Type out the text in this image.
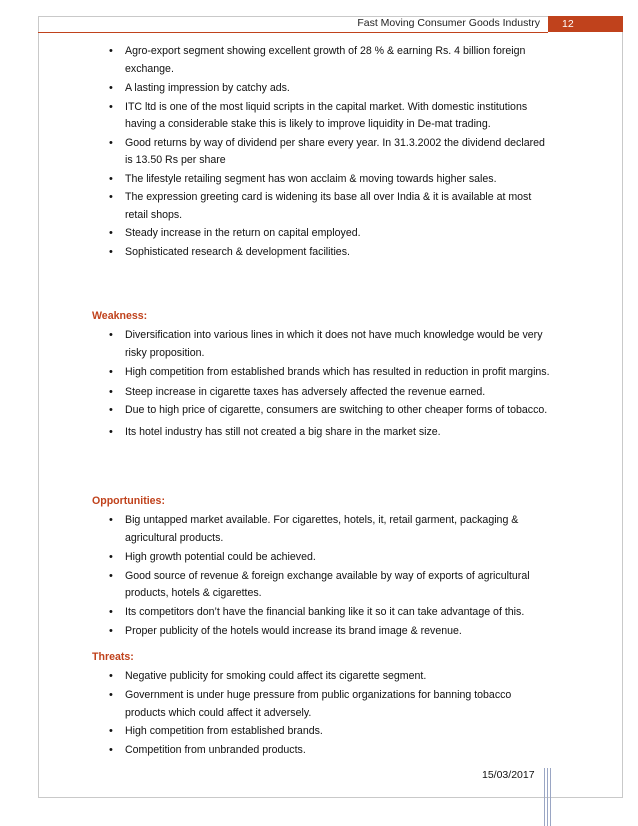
Fast Moving Consumer Goods Industry	12
• Agro-export segment showing excellent growth of 28 % & earning Rs. 4 billion foreign exchange.
• A lasting impression by catchy ads.
• ITC ltd is one of the most liquid scripts in the capital market. With domestic institutions having a considerable stake this is likely to improve liquidity in De-mat trading.
• Good returns by way of dividend per share every year. In 31.3.2002 the dividend declared is 13.50 Rs per share
• The lifestyle retailing segment has won acclaim & moving towards higher sales.
• The expression greeting card is widening its base all over India & it is available at most retail shops.
• Steady increase in the return on capital employed.
• Sophisticated research & development facilities.
Weakness:
• Diversification into various lines in which it does not have much knowledge would be very risky proposition.
• High competition from established brands which has resulted in reduction in profit margins.
• Steep increase in cigarette taxes has adversely affected the revenue earned.
• Due to high price of cigarette, consumers are switching to other cheaper forms of tobacco.
• Its hotel industry has still not created a big share in the market size.
Opportunities:
• Big untapped market available. For cigarettes, hotels, it, retail garment, packaging & agricultural products.
• High growth potential could be achieved.
• Good source of revenue & foreign exchange available by way of exports of agricultural products, hotels & cigarettes.
• Its competitors don’t have the financial banking like it so it can take advantage of this.
• Proper publicity of the hotels would increase its brand image & revenue.
Threats:
• Negative publicity for smoking could affect its cigarette segment.
• Government is under huge pressure from public organizations for banning tobacco products which could affect it adversely.
• High competition from established brands.
• Competition from unbranded products.
15/03/2017
